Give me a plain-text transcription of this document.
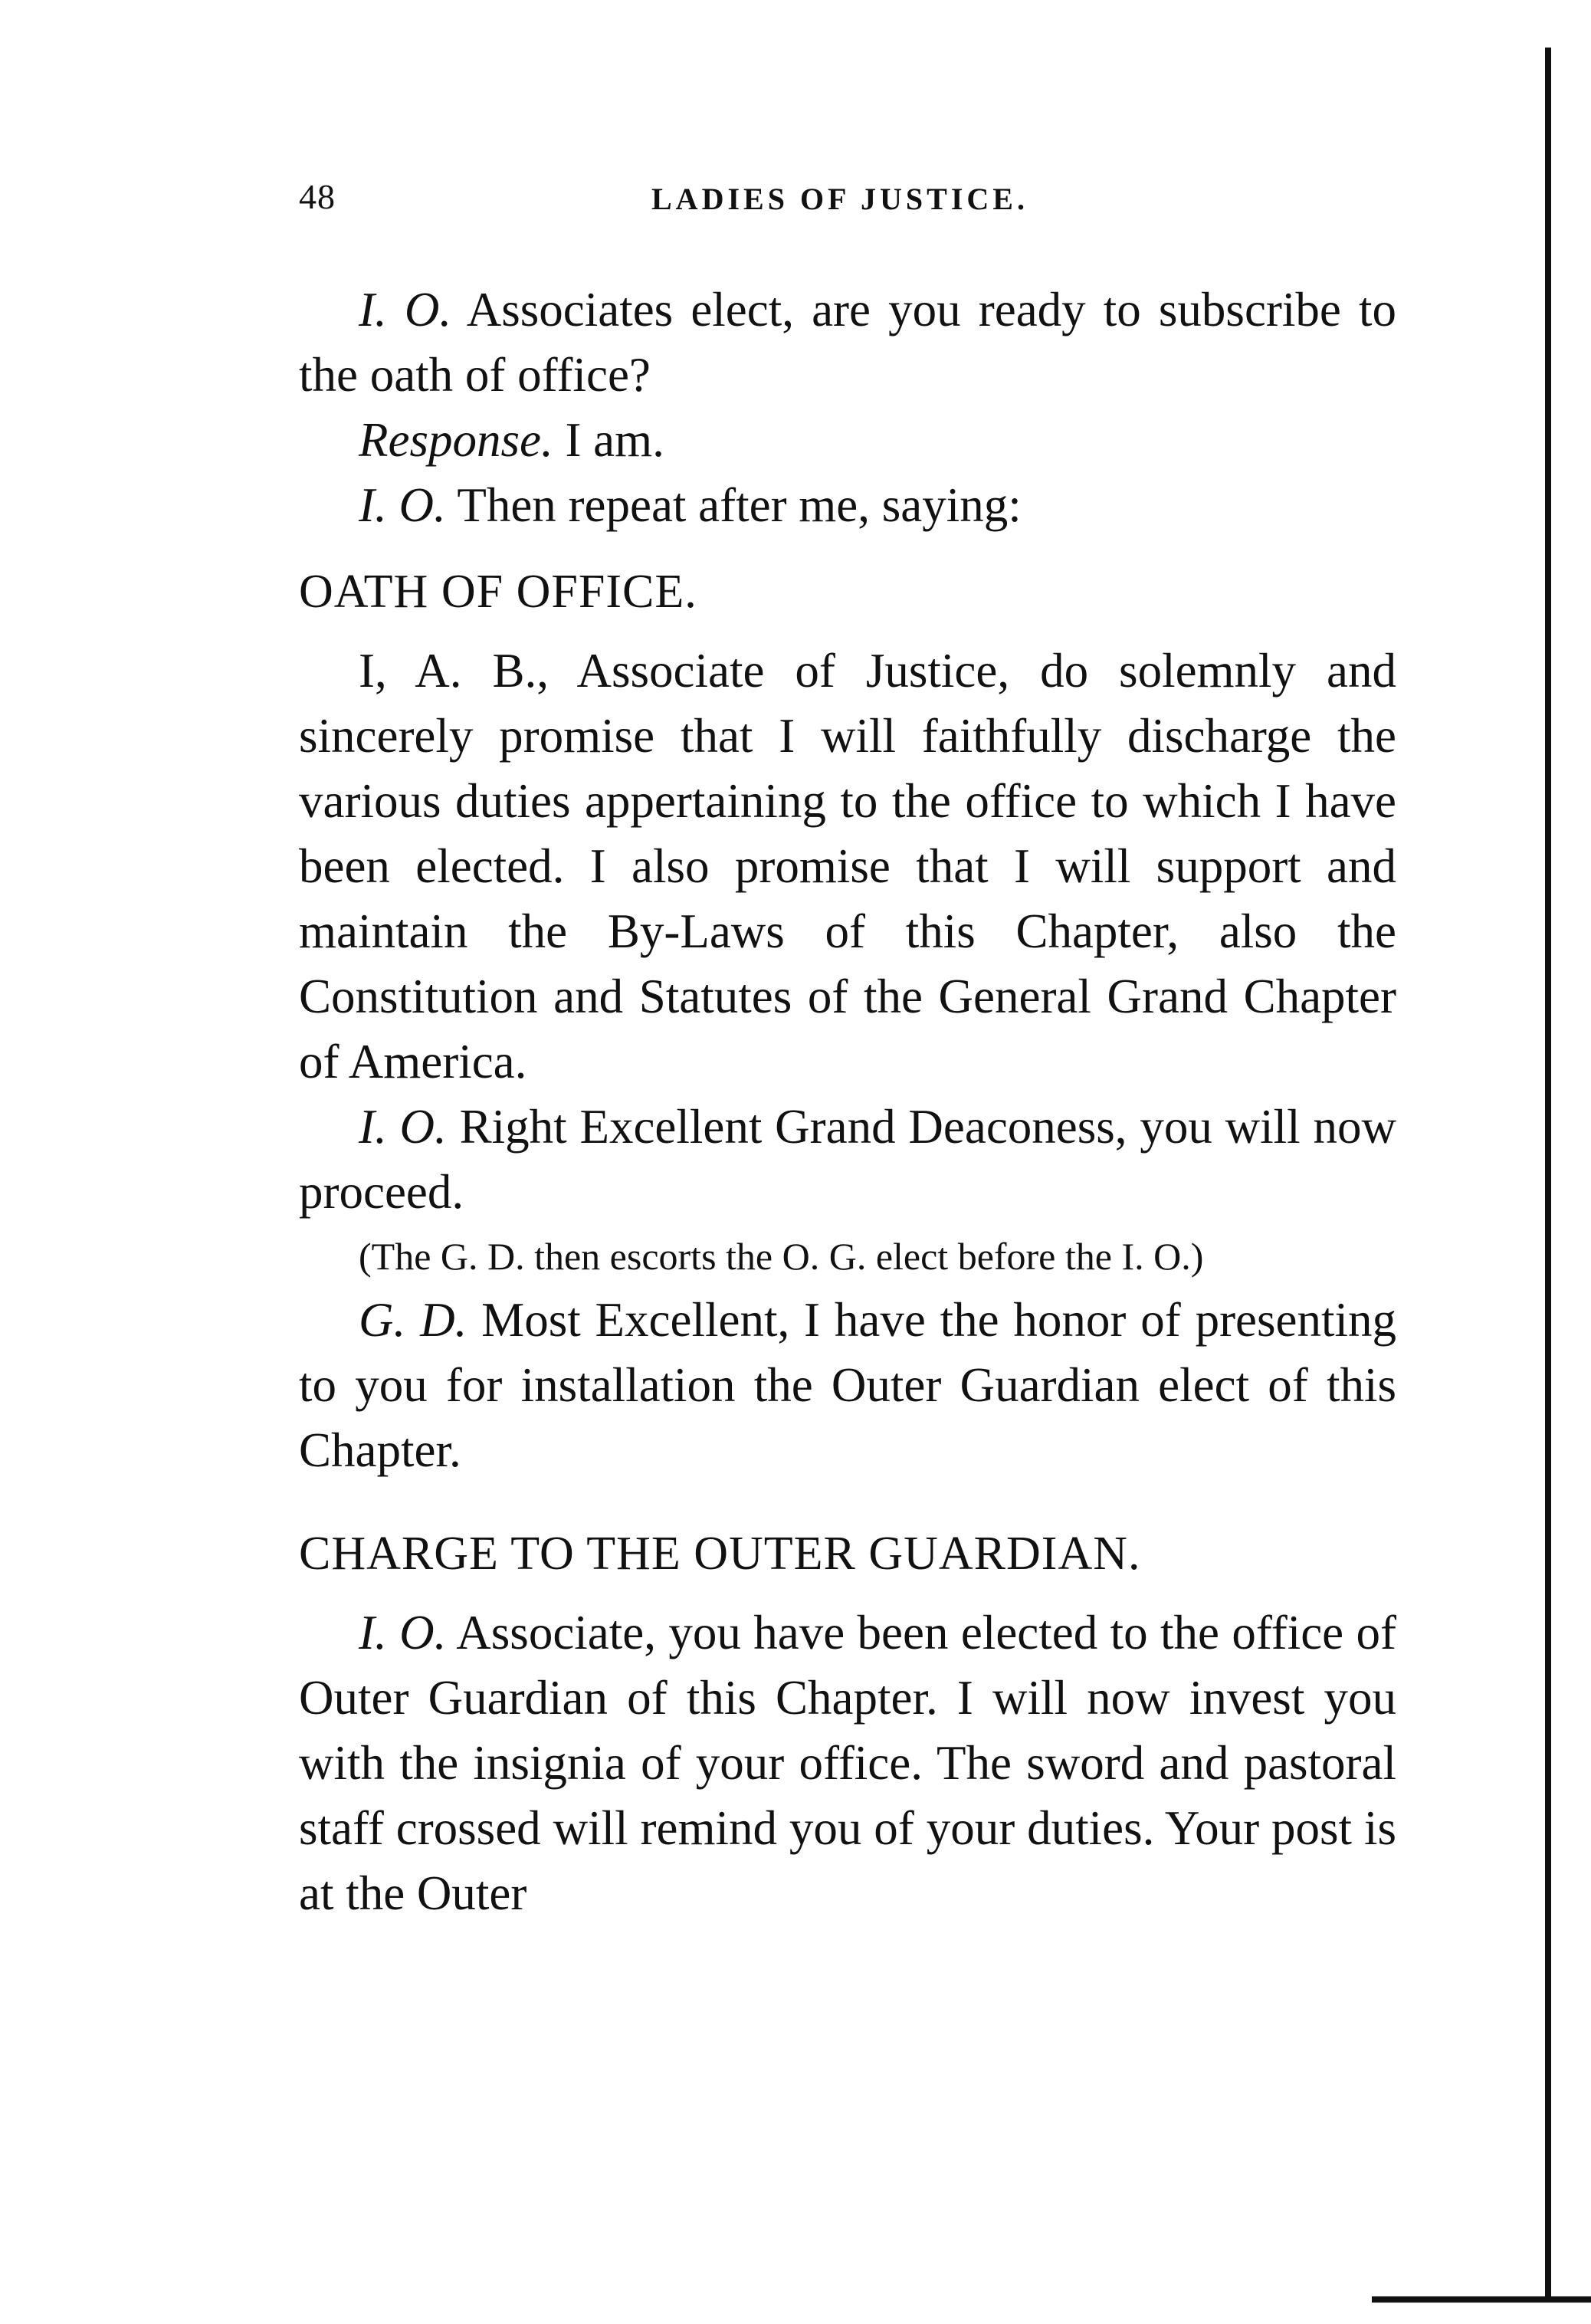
48	LADIES OF JUSTICE.

I. O. Associates elect, are you ready to subscribe to the oath of office?

Response. I am.

I. O. Then repeat after me, saying:

OATH OF OFFICE.

I, A. B., Associate of Justice, do solemnly and sincerely promise that I will faithfully discharge the various duties appertaining to the office to which I have been elected. I also promise that I will support and maintain the By-Laws of this Chapter, also the Constitution and Statutes of the General Grand Chapter of America.

I. O. Right Excellent Grand Deaconess, you will now proceed.

(The G. D. then escorts the O. G. elect before the I. O.)

G. D. Most Excellent, I have the honor of presenting to you for installation the Outer Guardian elect of this Chapter.

CHARGE TO THE OUTER GUARDIAN.

I. O. Associate, you have been elected to the office of Outer Guardian of this Chapter. I will now invest you with the insignia of your office. The sword and pastoral staff crossed will remind you of your duties. Your post is at the Outer
